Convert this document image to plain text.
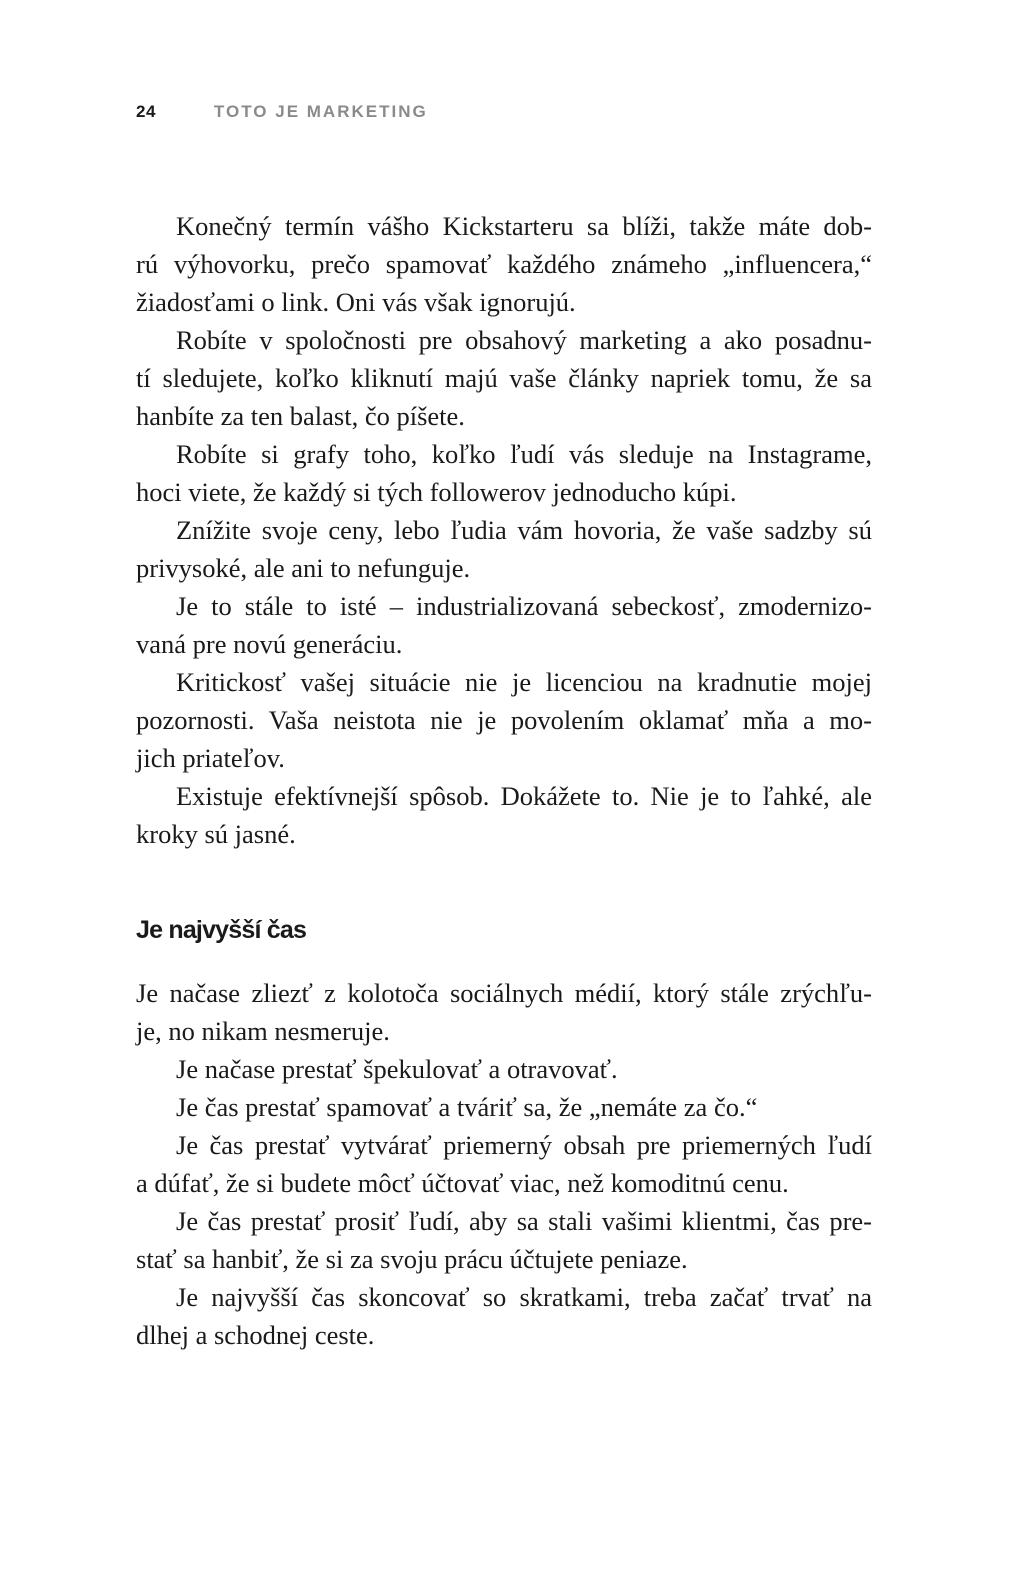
24	TOTO JE MARKETING
Konečný termín vášho Kickstarteru sa blíži, takže máte dob-
rú výhovorku, prečo spamovať každého známeho „influencera,“
žiadosťami o link. Oni vás však ignorujú.
Robíte v spoločnosti pre obsahový marketing a ako posadnu-
tí sledujete, koľko kliknutí majú vaše články napriek tomu, že sa
hanbíte za ten balast, čo píšete.
Robíte si grafy toho, koľko ľudí vás sleduje na Instagrame,
hoci viete, že každý si tých followerov jednoducho kúpi.
Znížite svoje ceny, lebo ľudia vám hovoria, že vaše sadzby sú
privysoké, ale ani to nefunguje.
Je to stále to isté – industrializovaná sebeckosť, zmodernizo-
vaná pre novú generáciu.
Kritickosť vašej situácie nie je licenciou na kradnutie mojej
pozornosti. Vaša neistota nie je povolením oklamať mňa a mo-
jich priateľov.
Existuje efektívnejší spôsob. Dokážete to. Nie je to ľahké, ale
kroky sú jasné.
Je najvyšší čas
Je načase zliezť z kolotoča sociálnych médií, ktorý stále zrýchľu-
je, no nikam nesmeruje.
Je načase prestať špekulovať a otravovať.
Je čas prestať spamovať a tváriť sa, že „nemáte za čo.“
Je čas prestať vytvárať priemerný obsah pre priemerných ľudí
a dúfať, že si budete môcť účtovať viac, než komoditnú cenu.
Je čas prestať prosiť ľudí, aby sa stali vašimi klientmi, čas pre-
stať sa hanbiť, že si za svoju prácu účtujete peniaze.
Je najvyšší čas skoncovať so skratkami, treba začať trvať na
dlhej a schodnej ceste.
